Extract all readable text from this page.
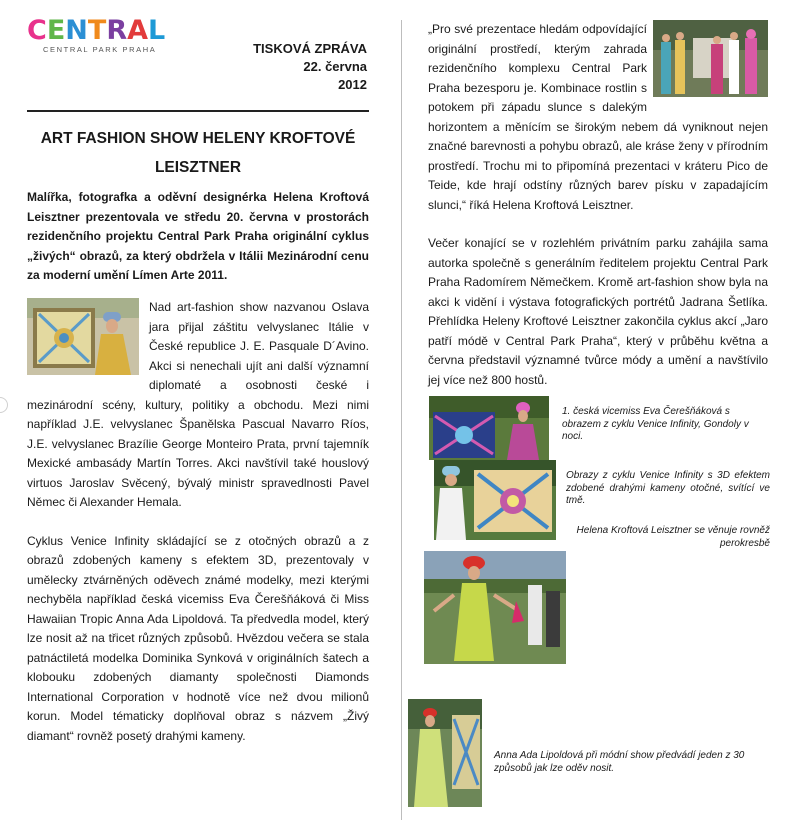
CENTRAL
CENTRAL PARK PRAHA	TISKOVÁ ZPRÁVA
22. června
2012
ART FASHION SHOW HELENY KROFTOVÉ LEISZTNER
Malířka, fotografka a oděvní designérka Helena Kroftová Leisztner prezentovala ve středu 20. června v prostorách rezidenčního projektu Central Park Praha originální cyklus „živých“ obrazů, za který obdržela v Itálii Mezinárodní cenu za moderní umění Límen Arte 2011.

Nad art-fashion show nazvanou Oslava jara přijal záštitu velvyslanec Itálie v České republice J. E. Pasquale D´Avino. Akci si nenechali ujít ani další významní diplomaté a osobnosti české i mezinárodní scény, kultury, politiky a obchodu. Mezi nimi například J.E. velvyslanec Španělska Pascual Navarro Ríos, J.E. velvyslanec Brazílie George Monteiro Prata, první tajemník Mexické ambasády Martín Torres. Akci navštívil také houslový virtuos Jaroslav Svěcený, bývalý ministr spravedlnosti Pavel Němec či Alexander Hemala.

Cyklus Venice Infinity skládající se z otočných obrazů a z obrazů zdobených kameny s efektem 3D, prezentovaly v umělecky ztvárněných oděvech známé modelky, mezi kterými nechyběla například česká vicemiss Eva Čerešňáková či Miss Hawaiian Tropic Anna Ada Lipoldová. Ta předvedla model, který lze nosit až na třicet různých způsobů. Hvězdou večera se stala patnáctiletá modelka Dominika Synková v originálních šatech a klobouku zdobených diamanty společnosti Diamonds International Corporation v hodnotě více než dvou milionů korun. Model tématicky doplňoval obraz s názvem „Živý diamant“ rovněž posetý drahými kameny.

„Pro své prezentace hledám odpovídající originální prostředí, kterým zahrada rezidenčního komplexu Central Park Praha bezesporu je. Kombinace rostlin s potokem při západu slunce s dalekým horizontem a měnícím se širokým nebem dá vyniknout nejen značné barevnosti a pohybu obrazů, ale kráse ženy v přírodním prostředí. Trochu mi to připomíná prezentaci v kráteru Pico de Teide, kde hrají odstíny různých barev písku v zapadajícím slunci,“ říká Helena Kroftová Leisztner.

Večer konající se v rozlehlém privátním parku zahájila sama autorka společně s generálním ředitelem projektu Central Park Praha Radomírem Němečkem. Kromě art-fashion show byla na akci k vidění i výstava fotografických portrétů Jadrana Šetlíka. Přehlídka Heleny Kroftové Leisztner zakončila cyklus akcí „Jaro patří módě v Central Park Praha“, který v průběhu května a června představil významné tvůrce módy a umění a navštívilo jej více než 800 hostů.

1. česká vicemiss Eva Čerešňáková s obrazem z cyklu Venice Infinity, Gondoly v noci.
Obrazy z cyklu Venice Infinity s 3D efektem zdobené drahými kameny otočné, svítící ve tmě.
Helena Kroftová Leisztner se věnuje rovněž perokresbě
Anna Ada Lipoldová při módní show předvádí jeden z 30 způsobů jak lze oděv nosit.
